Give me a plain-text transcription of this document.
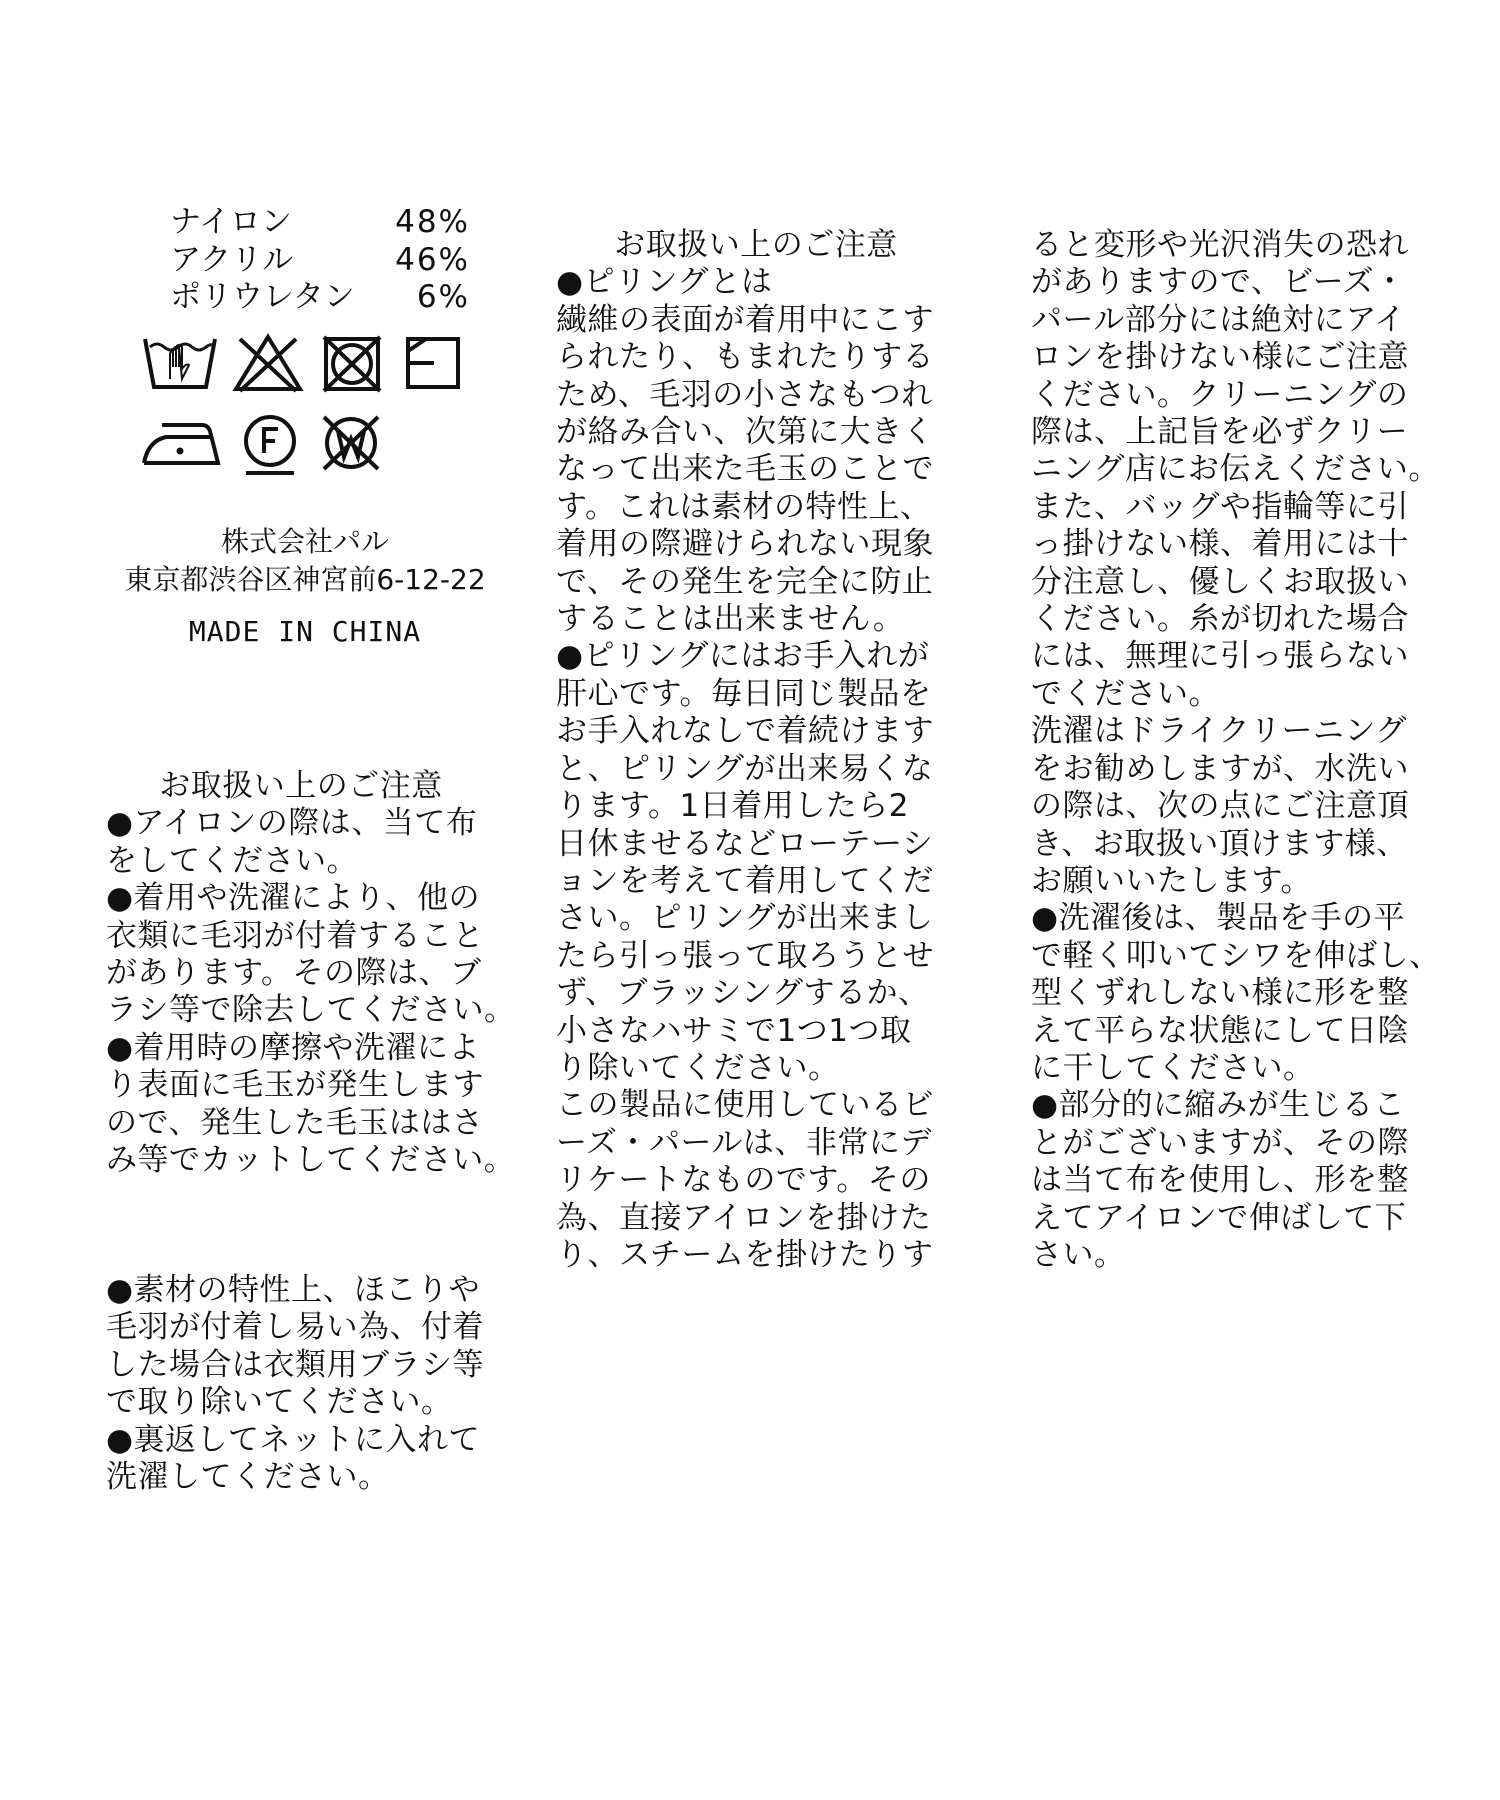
ナイロン	48%
アクリル	46%
ポリウレタン 6%
株式会社パル
東京都渋谷区神宮前6-12-22
MADE IN CHINA
お取扱い上のご注意
●アイロンの際は、当て布
をしてください。
●着用や洗濯により、他の
衣類に毛羽が付着すること
があります。その際は、ブ
ラシ等で除去してください。
●着用時の摩擦や洗濯によ
り表面に毛玉が発生します
ので、発生した毛玉ははさ
み等でカットしてください。
●素材の特性上、ほこりや
毛羽が付着し易い為、付着
した場合は衣類用ブラシ等
で取り除いてください。
●裏返してネットに入れて
洗濯してください。
お取扱い上のご注意
●ピリングとは
繊維の表面が着用中にこす
られたり、もまれたりする
ため、毛羽の小さなもつれ
が絡み合い、次第に大きく
なって出来た毛玉のことで
す。これは素材の特性上、
着用の際避けられない現象
で、その発生を完全に防止
することは出来ません。
●ピリングにはお手入れが
肝心です。毎日同じ製品を
お手入れなしで着続けます
と、ピリングが出来易くな
ります。1日着用したら2
日休ませるなどローテーシ
ョンを考えて着用してくだ
さい。ピリングが出来まし
たら引っ張って取ろうとせ
ず、ブラッシングするか、
小さなハサミで1つ1つ取
り除いてください。
この製品に使用しているビ
ーズ・パールは、非常にデ
リケートなものです。その
為、直接アイロンを掛けた
り、スチームを掛けたりす
ると変形や光沢消失の恐れ
がありますので、ビーズ・
パール部分には絶対にアイ
ロンを掛けない様にご注意
ください。クリーニングの
際は、上記旨を必ずクリー
ニング店にお伝えください。
また、バッグや指輪等に引
っ掛けない様、着用には十
分注意し、優しくお取扱い
ください。糸が切れた場合
には、無理に引っ張らない
でください。
洗濯はドライクリーニング
をお勧めしますが、水洗い
の際は、次の点にご注意頂
き、お取扱い頂けます様、
お願いいたします。
●洗濯後は、製品を手の平
で軽く叩いてシワを伸ばし、
型くずれしない様に形を整
えて平らな状態にして日陰
に干してください。
●部分的に縮みが生じるこ
とがございますが、その際
は当て布を使用し、形を整
えてアイロンで伸ばして下
さい。
